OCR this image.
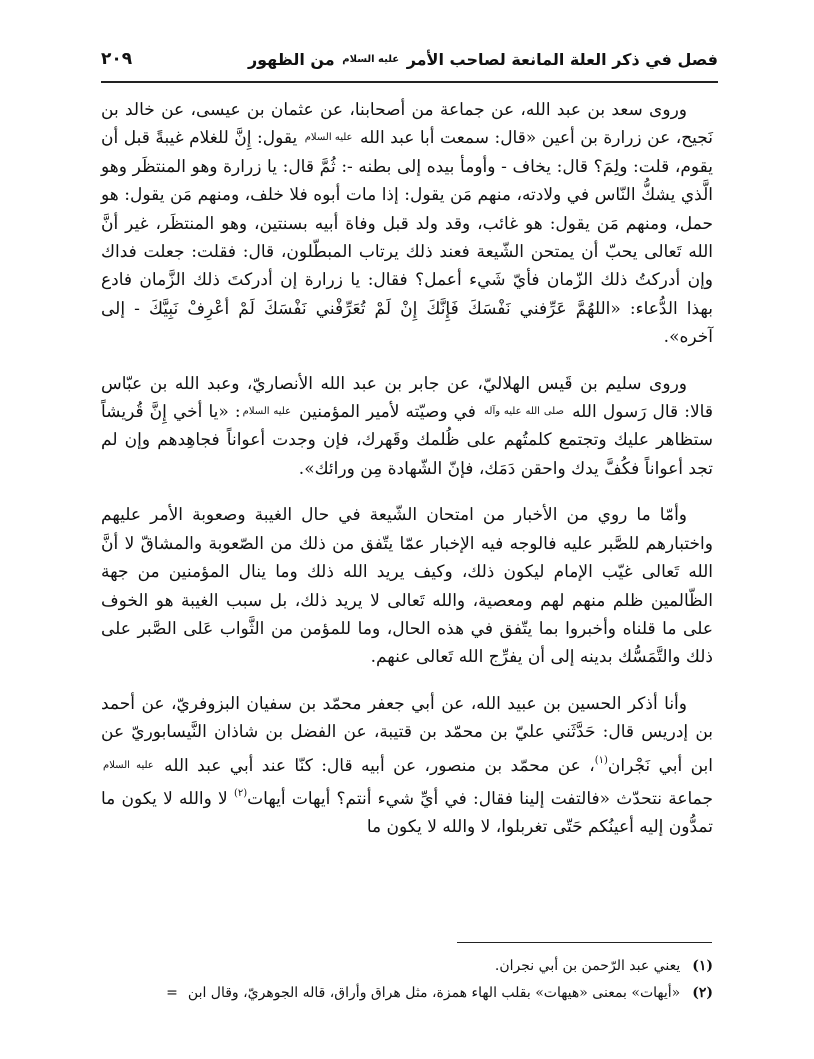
فصل في ذكر العلة المانعة لصاحب الأمر عليه السلام من الظهور
٢٠٩

وروى سعد بن عبد الله، عن جماعة من أصحابنا، عن عثمان بن عيسى، عن خالد بن نَجيح، عن زرارة بن أعين «قال: سمعت أبا عبد الله عليه السلام يقول: إِنَّ للغلام غيبةً قبل أن يقوم، قلت: ولِمَ؟ قال: يخاف - وأومأ بيده إلى بطنه -: ثُمَّ قال: يا زرارة وهو المنتظَر وهو الَّذي يشكُّ النّاس في ولادته، منهم مَن يقول: إذا مات أبوه فلا خلف، ومنهم مَن يقول: هو حمل، ومنهم مَن يقول: هو غائب، وقد ولد قبل وفاة أبيه بسنتين، وهو المنتظَر، غير أنَّ الله تَعالى يحبّ أن يمتحن الشّيعة فعند ذلك يرتاب المبطّلون، قال: فقلت: جعلت فداك وإن أدركتُ ذلك الزّمان فأيّ شَيء أعمل؟ فقال: يا زرارة إن أدركتَ ذلك الزَّمان فادع بهذا الدُّعاء: «اللهُمَّ عَرِّفني نَفْسَكَ فَإِنَّكَ إِنْ لَمْ تُعَرِّفْني نَفْسَكَ لَمْ أعْرِفْ نَبِيَّكَ - إلى آخره».

وروى سليم بن قَيس الهلاليّ، عن جابر بن عبد الله الأنصاريّ، وعبد الله بن عبّاس قالا: قال رَسول الله صلى الله عليه وآله في وصيّته لأمير المؤمنين عليه السلام: «يا أخي إِنَّ قُريشاً ستظاهر عليك وتجتمع كلمتُهم على ظُلمك وقَهرك، فإن وجدت أعواناً فجاهِدهم وإن لم تجد أعواناً فكُفَّ يدك واحقن دَمَك، فإنّ الشّهادة مِن ورائك».

وأمّا ما روي من الأخبار من امتحان الشّيعة في حال الغيبة وصعوبة الأمر عليهم واختبارهم للصَّبر عليه فالوجه فيه الإخبار عمّا يتّفق من ذلك من الصّعوبة والمشاقّ لا أنَّ الله تَعالى غيّب الإمام ليكون ذلك، وكيف يريد الله ذلك وما ينال المؤمنين من جهة الظّالمين ظلم منهم لهم ومعصية، والله تَعالى لا يريد ذلك، بل سبب الغيبة هو الخوف على ما قلناه وأخبروا بما يتّفق في هذه الحال، وما للمؤمن من الثَّواب عَلى الصَّبر على ذلك والتَّمَسُّك بدينه إلى أن يفرِّج الله تَعالى عنهم.

وأنا أذكر الحسين بن عبيد الله، عن أبي جعفر محمّد بن سفيان البزوفريّ، عن أحمد بن إدريس قال: حَدَّثَني عليّ بن محمّد بن قتيبة، عن الفضل بن شاذان النَّيسابوريّ عن ابن أبي نَجْران$^{(١)}$، عن محمّد بن منصور، عن أبيه قال: كنّا عند أبي عبد الله عليه السلام جماعة نتحدّث «فالتفت إلينا فقال: في أيِّ شيء أنتم؟ أيهات أيهات$^{(٢)}$ لا والله لا يكون ما تمدُّون إليه أعينُكم حَتّى تغربلوا، لا والله لا يكون ما

(١)يعني عبد الرّحمن بن أبي نجران.
(٢)«أيهات» بمعنى «هيهات» بقلب الهاء همزة، مثل هراق وأراق، قاله الجوهريّ، وقال ابن=
